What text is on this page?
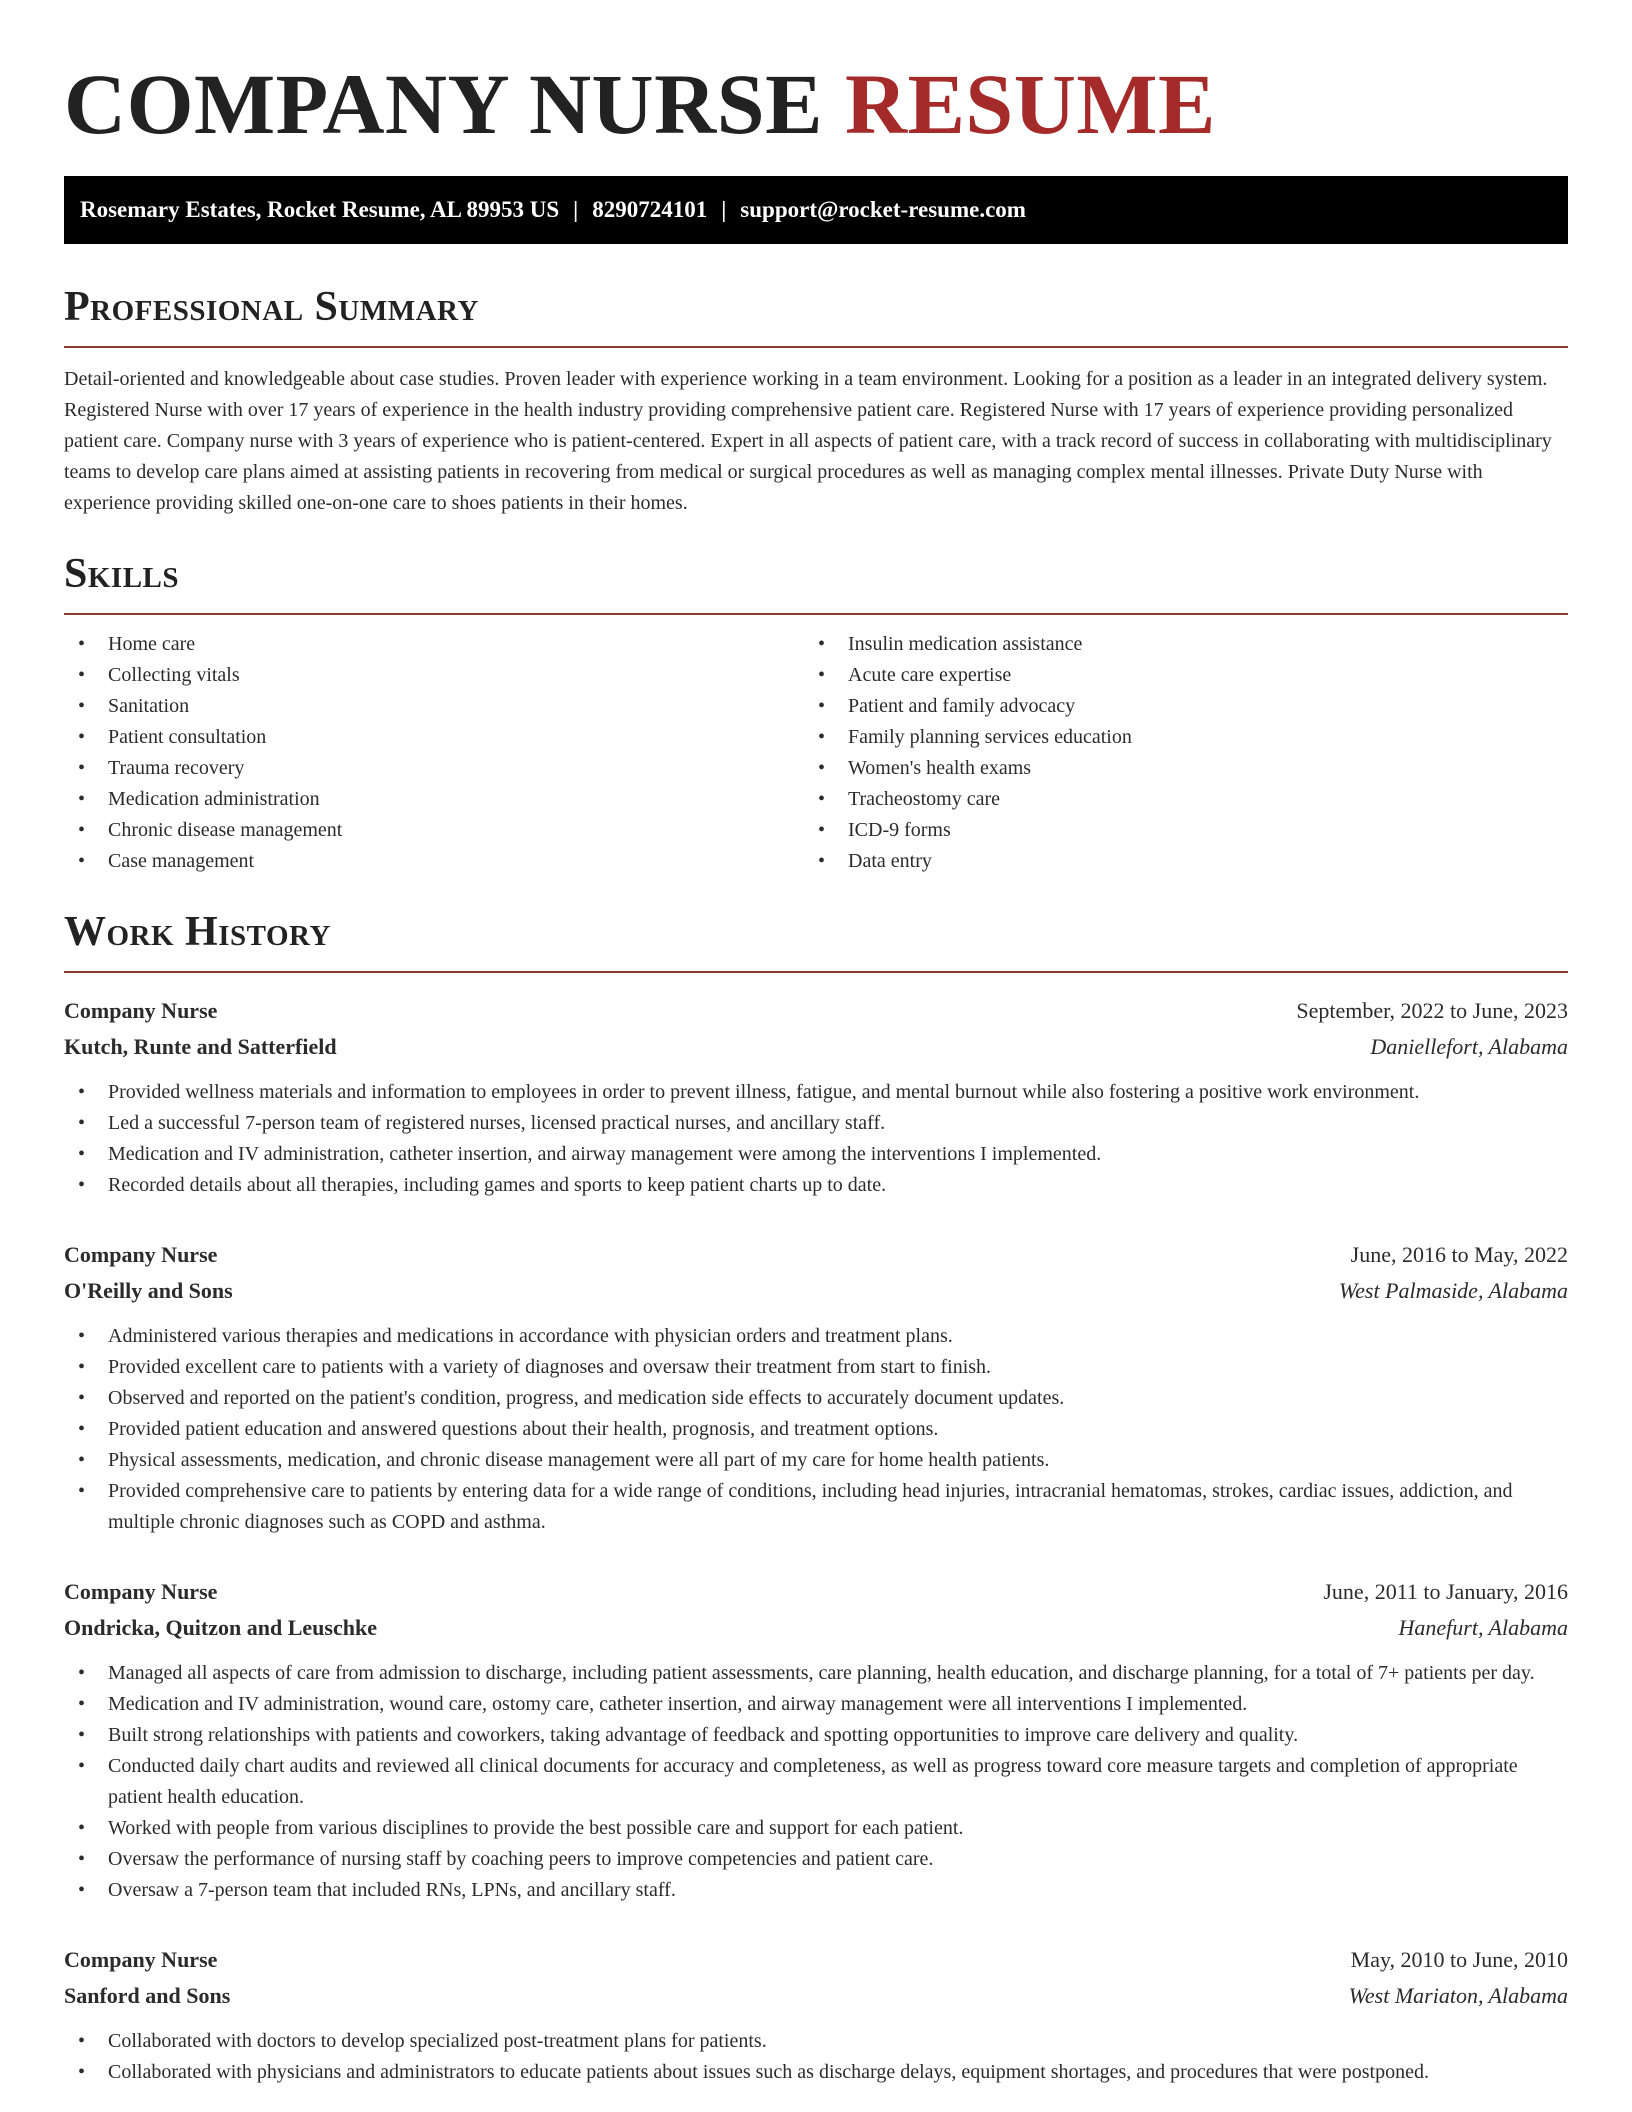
COMPANY NURSE RESUME
Rosemary Estates, Rocket Resume, AL 89953 US | 8290724101 | support@rocket-resume.com
Professional Summary

Detail-oriented and knowledgeable about case studies. Proven leader with experience working in a team environment. Looking for a position as a leader in an integrated delivery system. Registered Nurse with over 17 years of experience in the health industry providing comprehensive patient care. Registered Nurse with 17 years of experience providing personalized patient care. Company nurse with 3 years of experience who is patient-centered. Expert in all aspects of patient care, with a track record of success in collaborating with multidisciplinary teams to develop care plans aimed at assisting patients in recovering from medical or surgical procedures as well as managing complex mental illnesses. Private Duty Nurse with experience providing skilled one-on-one care to shoes patients in their homes.

Skills
• Home care
• Collecting vitals
• Sanitation
• Patient consultation
• Trauma recovery
• Medication administration
• Chronic disease management
• Case management
• Insulin medication assistance
• Acute care expertise
• Patient and family advocacy
• Family planning services education
• Women's health exams
• Tracheostomy care
• ICD-9 forms
• Data entry
Work History
Company Nurse	September, 2022 to June, 2023
Kutch, Runte and Satterfield	Daniellefort, Alabama
• Provided wellness materials and information to employees in order to prevent illness, fatigue, and mental burnout while also fostering a positive work environment.
• Led a successful 7-person team of registered nurses, licensed practical nurses, and ancillary staff.
• Medication and IV administration, catheter insertion, and airway management were among the interventions I implemented.
• Recorded details about all therapies, including games and sports to keep patient charts up to date.
Company Nurse	June, 2016 to May, 2022
O'Reilly and Sons	West Palmaside, Alabama
• Administered various therapies and medications in accordance with physician orders and treatment plans.
• Provided excellent care to patients with a variety of diagnoses and oversaw their treatment from start to finish.
• Observed and reported on the patient's condition, progress, and medication side effects to accurately document updates.
• Provided patient education and answered questions about their health, prognosis, and treatment options.
• Physical assessments, medication, and chronic disease management were all part of my care for home health patients.
• Provided comprehensive care to patients by entering data for a wide range of conditions, including head injuries, intracranial hematomas, strokes, cardiac issues, addiction, and multiple chronic diagnoses such as COPD and asthma.
Company Nurse	June, 2011 to January, 2016
Ondricka, Quitzon and Leuschke	Hanefurt, Alabama
• Managed all aspects of care from admission to discharge, including patient assessments, care planning, health education, and discharge planning, for a total of 7+ patients per day.
• Medication and IV administration, wound care, ostomy care, catheter insertion, and airway management were all interventions I implemented.
• Built strong relationships with patients and coworkers, taking advantage of feedback and spotting opportunities to improve care delivery and quality.
• Conducted daily chart audits and reviewed all clinical documents for accuracy and completeness, as well as progress toward core measure targets and completion of appropriate patient health education.
• Worked with people from various disciplines to provide the best possible care and support for each patient.
• Oversaw the performance of nursing staff by coaching peers to improve competencies and patient care.
• Oversaw a 7-person team that included RNs, LPNs, and ancillary staff.
Company Nurse	May, 2010 to June, 2010
Sanford and Sons	West Mariaton, Alabama
• Collaborated with doctors to develop specialized post-treatment plans for patients.
• Collaborated with physicians and administrators to educate patients about issues such as discharge delays, equipment shortages, and procedures that were postponed.
